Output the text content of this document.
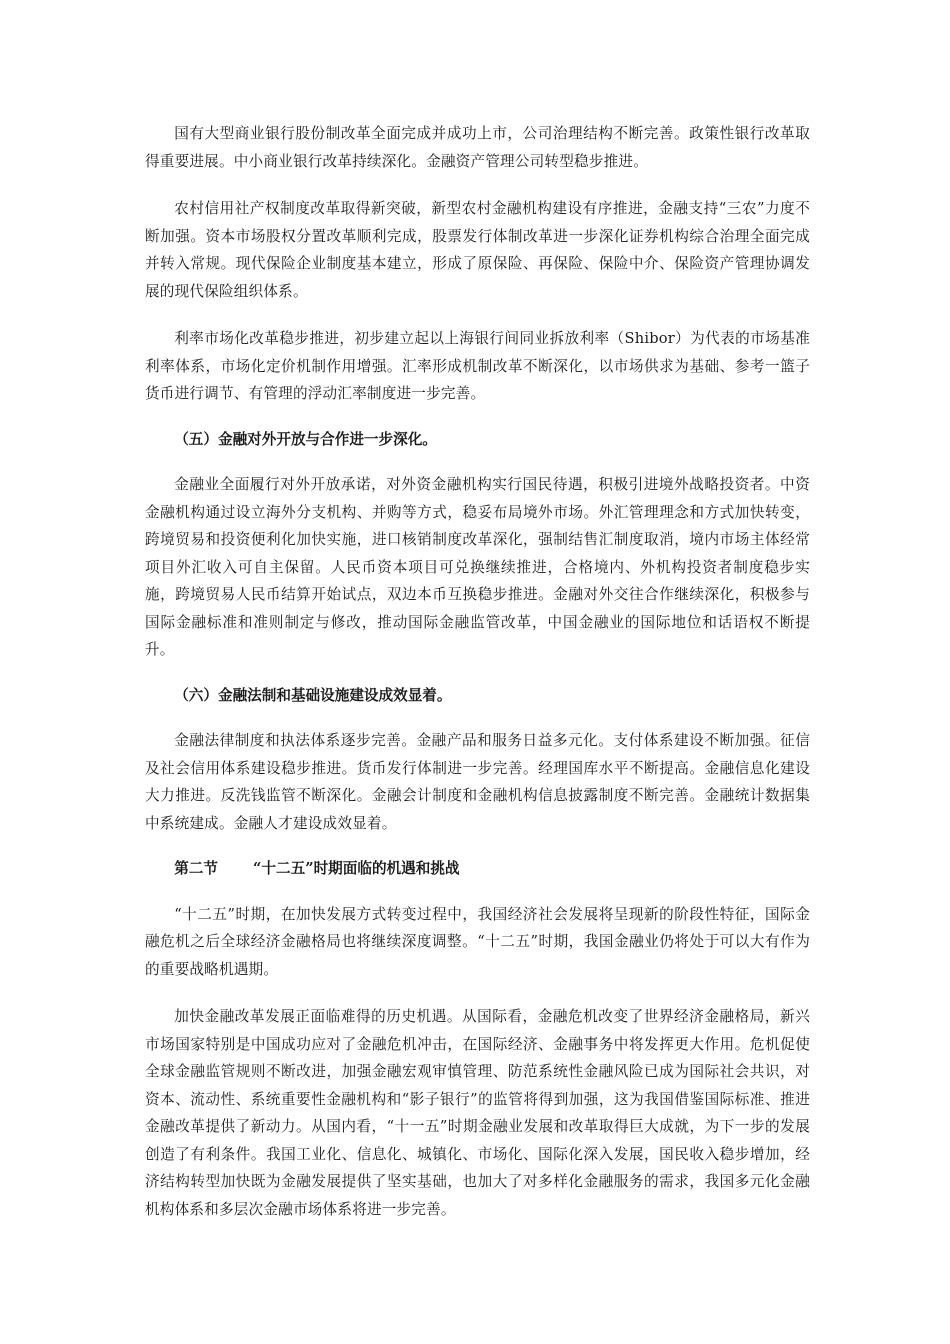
国有大型商业银行股份制改革全面完成并成功上市，公司治理结构不断完善。政策性银行改革取得重要进展。中小商业银行改革持续深化。金融资产管理公司转型稳步推进。

农村信用社产权制度改革取得新突破，新型农村金融机构建设有序推进，金融支持“三农”力度不断加强。资本市场股权分置改革顺利完成，股票发行体制改革进一步深化证券机构综合治理全面完成并转入常规。现代保险企业制度基本建立，形成了原保险、再保险、保险中介、保险资产管理协调发展的现代保险组织体系。

利率市场化改革稳步推进，初步建立起以上海银行间同业拆放利率（Shibor）为代表的市场基准利率体系，市场化定价机制作用增强。汇率形成机制改革不断深化，以市场供求为基础、参考一篮子货币进行调节、有管理的浮动汇率制度进一步完善。

（五）金融对外开放与合作进一步深化。

金融业全面履行对外开放承诺，对外资金融机构实行国民待遇，积极引进境外战略投资者。中资金融机构通过设立海外分支机构、并购等方式，稳妥布局境外市场。外汇管理理念和方式加快转变，跨境贸易和投资便利化加快实施，进口核销制度改革深化，强制结售汇制度取消，境内市场主体经常项目外汇收入可自主保留。人民币资本项目可兑换继续推进，合格境内、外机构投资者制度稳步实施，跨境贸易人民币结算开始试点，双边本币互换稳步推进。金融对外交往合作继续深化，积极参与国际金融标准和准则制定与修改，推动国际金融监管改革，中国金融业的国际地位和话语权不断提升。

（六）金融法制和基础设施建设成效显着。

金融法律制度和执法体系逐步完善。金融产品和服务日益多元化。支付体系建设不断加强。征信及社会信用体系建设稳步推进。货币发行体制进一步完善。经理国库水平不断提高。金融信息化建设大力推进。反洗钱监管不断深化。金融会计制度和金融机构信息披露制度不断完善。金融统计数据集中系统建成。金融人才建设成效显着。

第二节 “十二五”时期面临的机遇和挑战

“十二五”时期，在加快发展方式转变过程中，我国经济社会发展将呈现新的阶段性特征，国际金融危机之后全球经济金融格局也将继续深度调整。“十二五”时期，我国金融业仍将处于可以大有作为的重要战略机遇期。

加快金融改革发展正面临难得的历史机遇。从国际看，金融危机改变了世界经济金融格局，新兴市场国家特别是中国成功应对了金融危机冲击，在国际经济、金融事务中将发挥更大作用。危机促使全球金融监管规则不断改进，加强金融宏观审慎管理、防范系统性金融风险已成为国际社会共识，对资本、流动性、系统重要性金融机构和“影子银行”的监管将得到加强，这为我国借鉴国际标准、推进金融改革提供了新动力。从国内看，“十一五”时期金融业发展和改革取得巨大成就，为下一步的发展创造了有利条件。我国工业化、信息化、城镇化、市场化、国际化深入发展，国民收入稳步增加，经济结构转型加快既为金融发展提供了坚实基础，也加大了对多样化金融服务的需求，我国多元化金融机构体系和多层次金融市场体系将进一步完善。
